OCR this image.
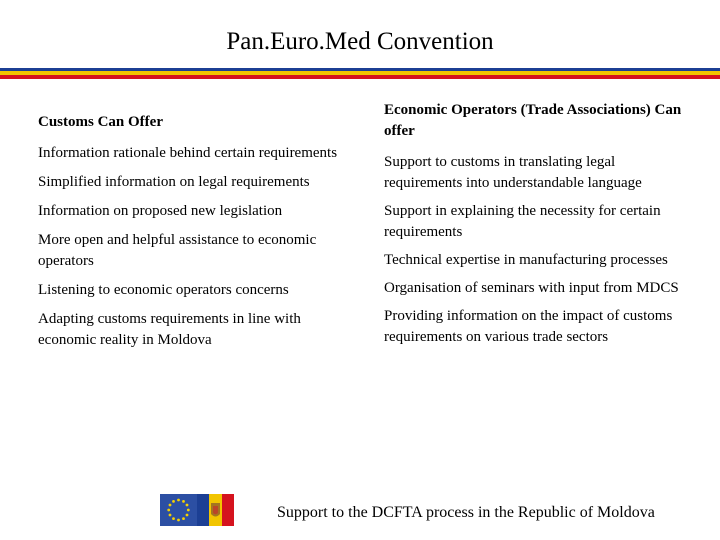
Pan.Euro.Med Convention

Customs Can Offer

Information rationale behind certain requirements

Simplified information on legal requirements

Information on proposed new legislation

More open and helpful assistance to economic operators

Listening to economic operators concerns

Adapting customs requirements in line with economic reality in Moldova

Economic Operators (Trade Associations) Can offer

Support to customs in translating legal requirements into understandable language

Support in explaining the necessity for certain requirements

Technical expertise in manufacturing processes

Organisation of seminars with input from MDCS

Providing information on the impact of customs requirements on various trade sectors

Support to the DCFTA process in the Republic of Moldova
